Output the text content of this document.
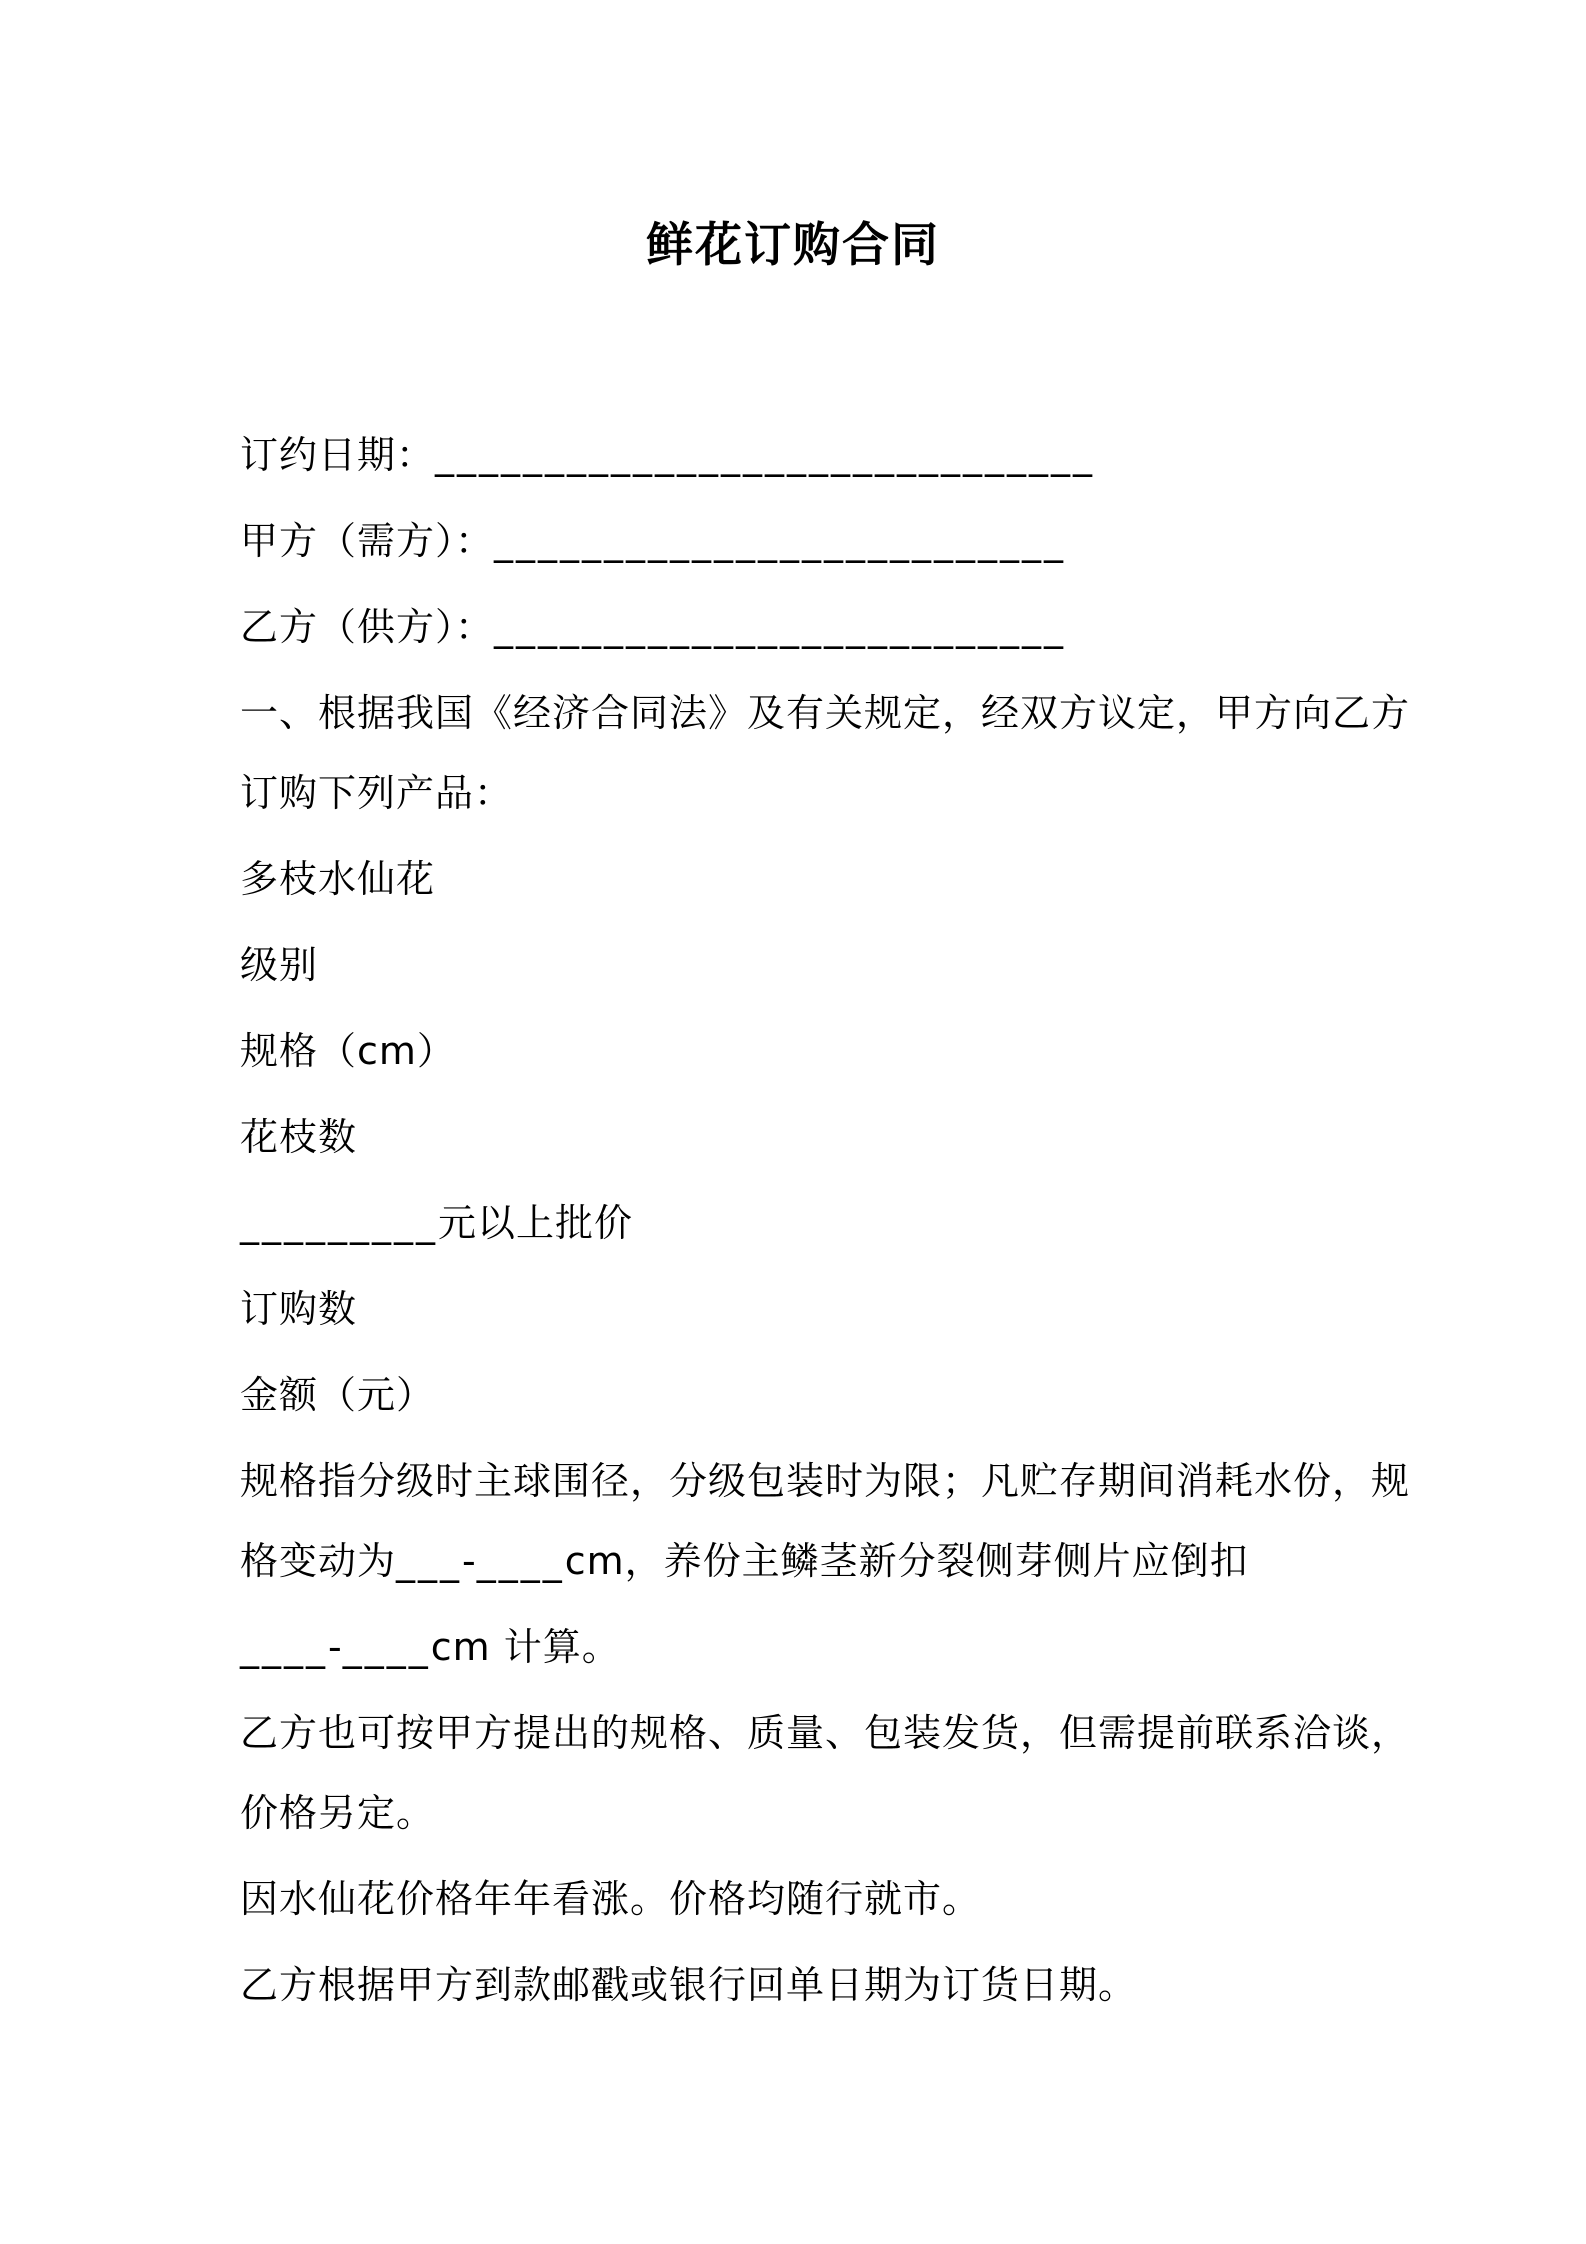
鲜花订购合同
订约日期：______________________________
甲方（需方）：__________________________
乙方（供方）：__________________________
一、根据我国《经济合同法》及有关规定，经双方议定，甲方向乙方
订购下列产品：
多枝水仙花
级别
规格（cm）
花枝数
_________元以上批价
订购数
金额（元）
规格指分级时主球围径，分级包装时为限；凡贮存期间消耗水份，规
格变动为___-____cm，养份主鳞茎新分裂侧芽侧片应倒扣
____-____cm 计算。
乙方也可按甲方提出的规格、质量、包装发货，但需提前联系洽谈，
价格另定。
因水仙花价格年年看涨。价格均随行就市。
乙方根据甲方到款邮戳或银行回单日期为订货日期。
